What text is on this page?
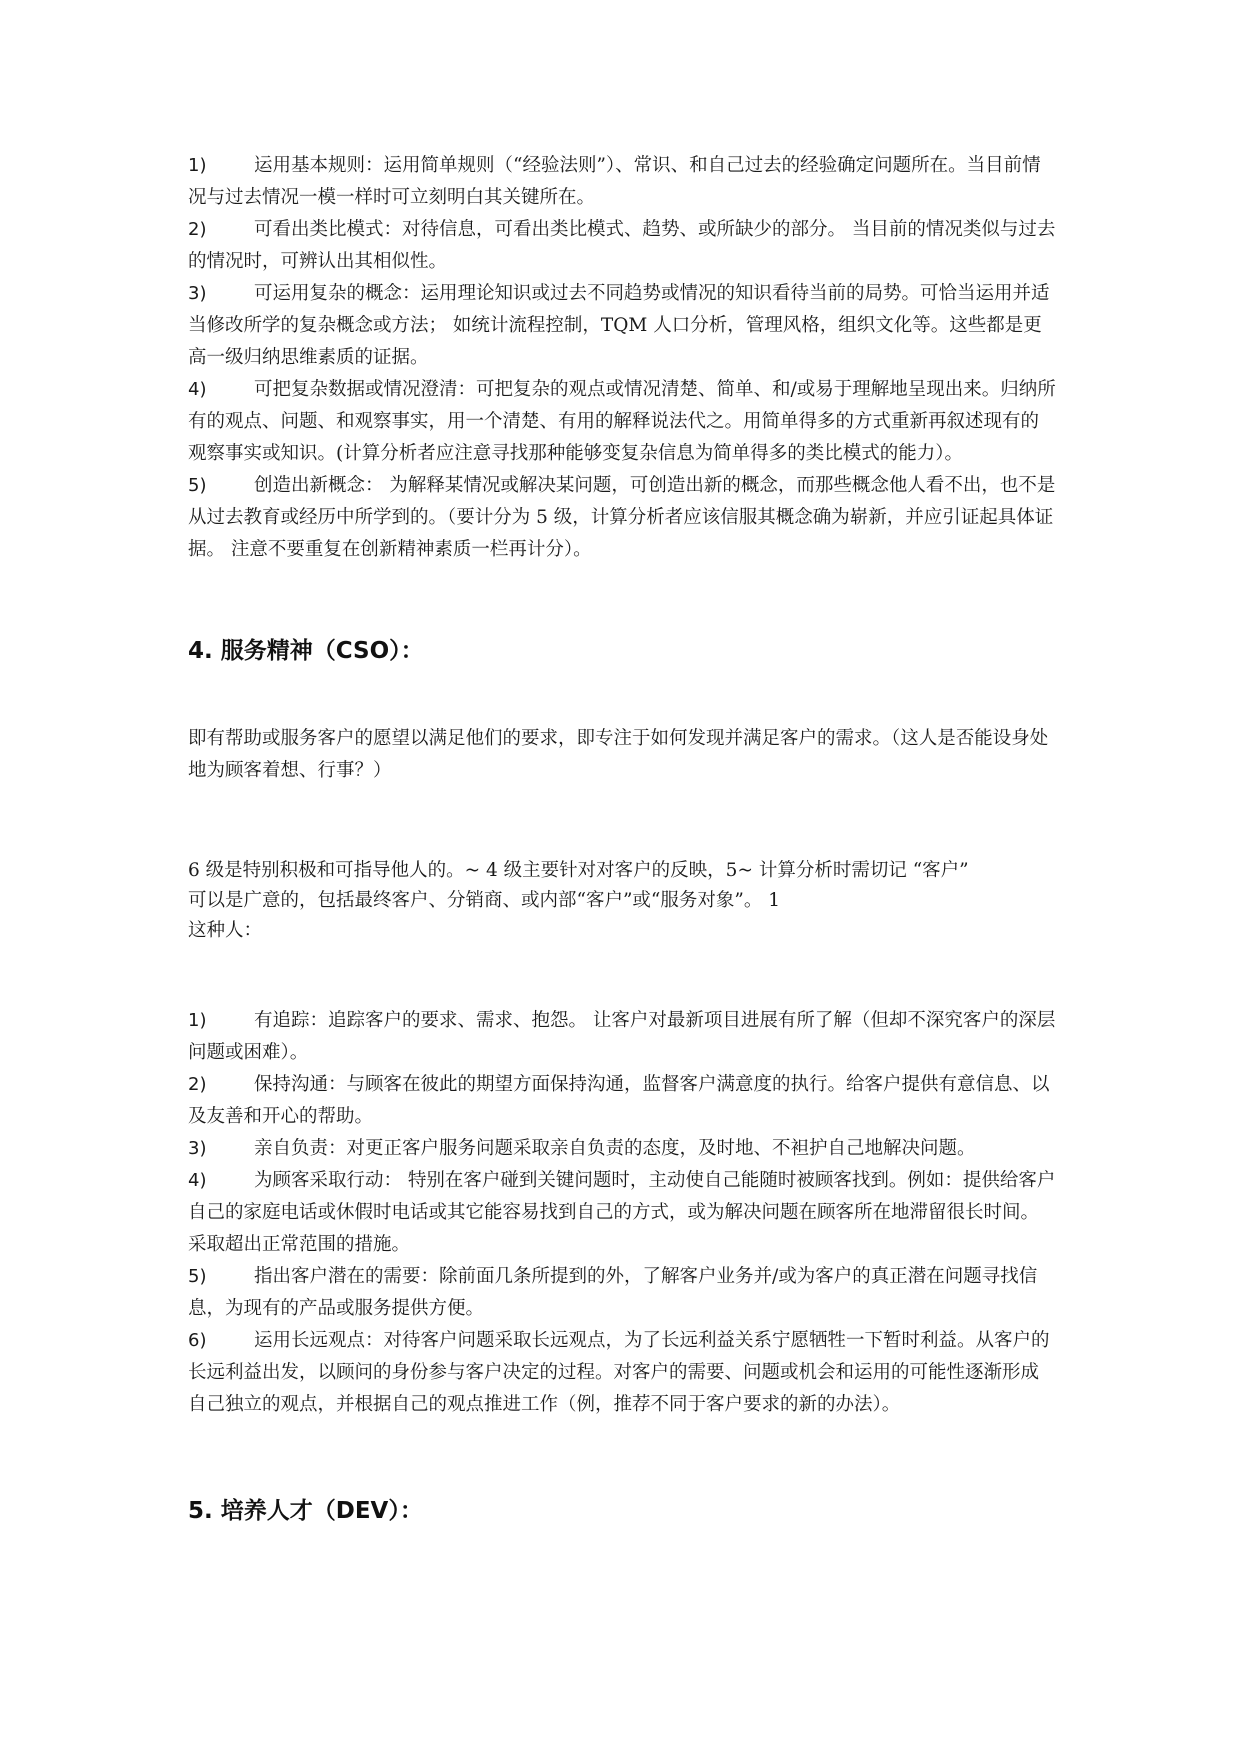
1)	运用基本规则：运用简单规则（“经验法则”）、常识、和自己过去的经验确定问题所在。当目前情况与过去情况一模一样时可立刻明白其关键所在。

2)	可看出类比模式：对待信息，可看出类比模式、趋势、或所缺少的部分。 当目前的情况类似与过去的情况时，可辨认出其相似性。

3)	可运用复杂的概念：运用理论知识或过去不同趋势或情况的知识看待当前的局势。可恰当运用并适当修改所学的复杂概念或方法； 如统计流程控制，TQM 人口分析，管理风格，组织文化等。这些都是更高一级归纳思维素质的证据。

4)	可把复杂数据或情况澄清：可把复杂的观点或情况清楚、简单、和/或易于理解地呈现出来。归纳所有的观点、问题、和观察事实，用一个清楚、有用的解释说法代之。用简单得多的方式重新再叙述现有的观察事实或知识。(计算分析者应注意寻找那种能够变复杂信息为简单得多的类比模式的能力）。

5)	创造出新概念： 为解释某情况或解决某问题，可创造出新的概念，而那些概念他人看不出，也不是从过去教育或经历中所学到的。（要计分为 5 级，计算分析者应该信服其概念确为崭新，并应引证起具体证据。 注意不要重复在创新精神素质一栏再计分）。

4. 服务精神（CSO）：

即有帮助或服务客户的愿望以满足他们的要求，即专注于如何发现并满足客户的需求。（这人是否能设身处地为顾客着想、行事？）

6 级是特别积极和可指导他人的。~ 4 级主要针对对客户的反映，5~ 计算分析时需切记 “客户”

可以是广意的，包括最终客户、分销商、或内部“客户”或“服务对象”。 1

这种人：

1)	有追踪：追踪客户的要求、需求、抱怨。 让客户对最新项目进展有所了解（但却不深究客户的深层问题或困难）。

2)	保持沟通：与顾客在彼此的期望方面保持沟通，监督客户满意度的执行。给客户提供有意信息、以及友善和开心的帮助。

3)	亲自负责：对更正客户服务问题采取亲自负责的态度，及时地、不袒护自己地解决问题。

4)	为顾客采取行动： 特别在客户碰到关键问题时，主动使自己能随时被顾客找到。例如：提供给客户自己的家庭电话或休假时电话或其它能容易找到自己的方式，或为解决问题在顾客所在地滞留很长时间。采取超出正常范围的措施。

5)	指出客户潜在的需要：除前面几条所提到的外，了解客户业务并/或为客户的真正潜在问题寻找信息，为现有的产品或服务提供方便。

6)	运用长远观点：对待客户问题采取长远观点，为了长远利益关系宁愿牺牲一下暂时利益。从客户的长远利益出发，以顾问的身份参与客户决定的过程。对客户的需要、问题或机会和运用的可能性逐渐形成自己独立的观点，并根据自己的观点推进工作（例，推荐不同于客户要求的新的办法）。

5. 培养人才（DEV）：
